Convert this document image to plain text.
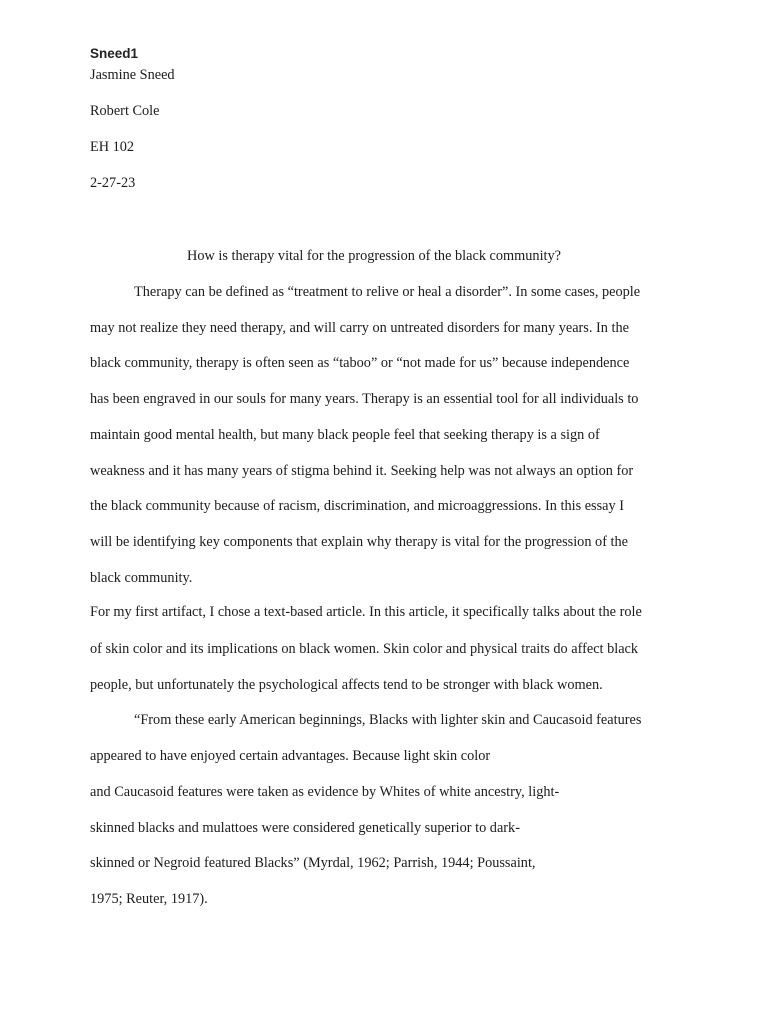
Sneed1
Jasmine Sneed
Robert Cole
EH 102
2-27-23
How is therapy vital for the progression of the black community?
Therapy can be defined as “treatment to relive or heal a disorder”. In some cases, people
may not realize they need therapy, and will carry on untreated disorders for many years. In the
black community, therapy is often seen as “taboo” or “not made for us” because independence
has been engraved in our souls for many years. Therapy is an essential tool for all individuals to
maintain good mental health, but many black people feel that seeking therapy is a sign of
weakness and it has many years of stigma behind it. Seeking help was not always an option for
the black community because of racism, discrimination, and microaggressions. In this essay I
will be identifying key components that explain why therapy is vital for the progression of the
black community.
For my first artifact, I chose a text-based article. In this article, it specifically talks about the role
of skin color and its implications on black women. Skin color and physical traits do affect black
people, but unfortunately the psychological affects tend to be stronger with black women.
“From these early American beginnings, Blacks with lighter skin and Caucasoid features
appeared to have enjoyed certain advantages. Because light skin color
and Caucasoid features were taken as evidence by Whites of white ancestry, light-
skinned blacks and mulattoes were considered genetically superior to dark-
skinned or Negroid featured Blacks” (Myrdal, 1962; Parrish, 1944; Poussaint,
1975; Reuter, 1917).
